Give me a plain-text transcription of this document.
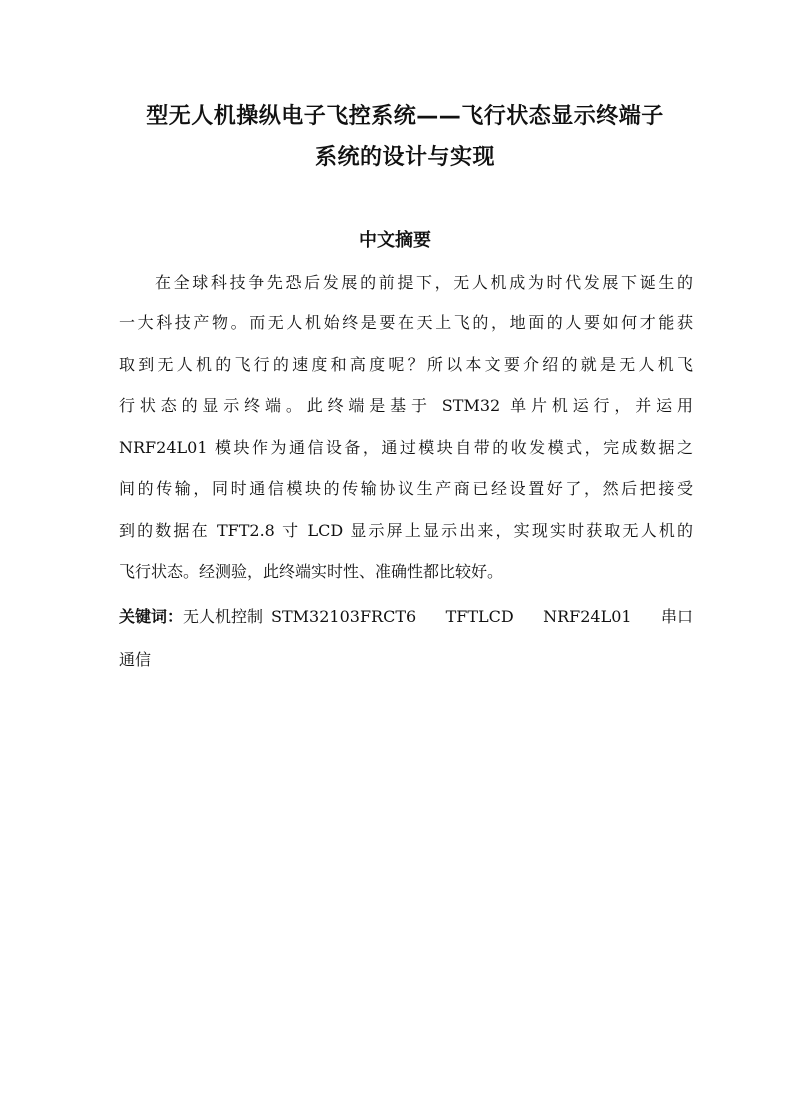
型无人机操纵电子飞控系统——飞行状态显示终端子
系统的设计与实现
中文摘要
在全球科技争先恐后发展的前提下，无人机成为时代发展下诞生的
一大科技产物。而无人机始终是要在天上飞的，地面的人要如何才能获
取到无人机的飞行的速度和高度呢？所以本文要介绍的就是无人机飞
行状态的显示终端。此终端是基于 STM32 单片机运行，并运用
NRF24L01 模块作为通信设备，通过模块自带的收发模式，完成数据之
间的传输，同时通信模块的传输协议生产商已经设置好了，然后把接受
到的数据在 TFT2.8 寸 LCD 显示屏上显示出来，实现实时获取无人机的
飞行状态。经测验，此终端实时性、准确性都比较好。
关键词： 无人机控制 STM32103FRCT6 TFTLCD NRF24L01 串口
通信
